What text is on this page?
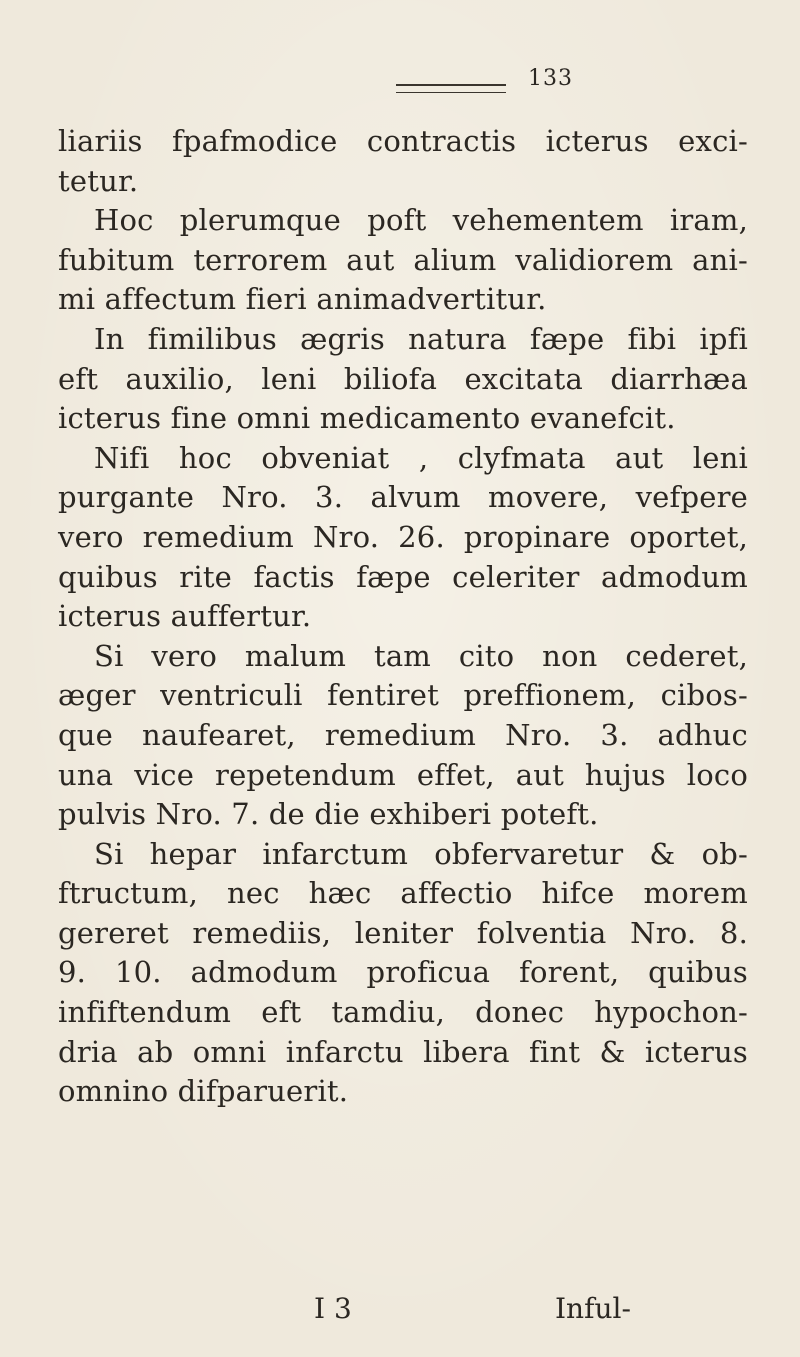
133
liariis fpafmodice contractis icterus exci-
tetur.
Hoc plerumque poft vehementem iram,
fubitum terrorem aut alium validiorem ani-
mi affectum fieri animadvertitur.
In fimilibus ægris natura fæpe fibi ipfi
eft auxilio, leni biliofa excitata diarrhæa
icterus fine omni medicamento evanefcit.
Nifi hoc obveniat , clyfmata aut leni
purgante Nro. 3. alvum movere, vefpere
vero remedium Nro. 26. propinare oportet,
quibus rite factis fæpe celeriter admodum
icterus auffertur.
Si vero malum tam cito non cederet,
æger ventriculi fentiret preffionem, cibos-
que naufearet, remedium Nro. 3. adhuc
una vice repetendum effet, aut hujus loco
pulvis Nro. 7. de die exhiberi poteft.
Si hepar infarctum obfervaretur & ob-
ftructum, nec hæc affectio hifce morem
gereret remediis, leniter folventia Nro. 8.
9. 10. admodum proficua forent, quibus
infiftendum eft tamdiu, donec hypochon-
dria ab omni infarctu libera fint & icterus
omnino difparuerit.
I 3	Inful-
